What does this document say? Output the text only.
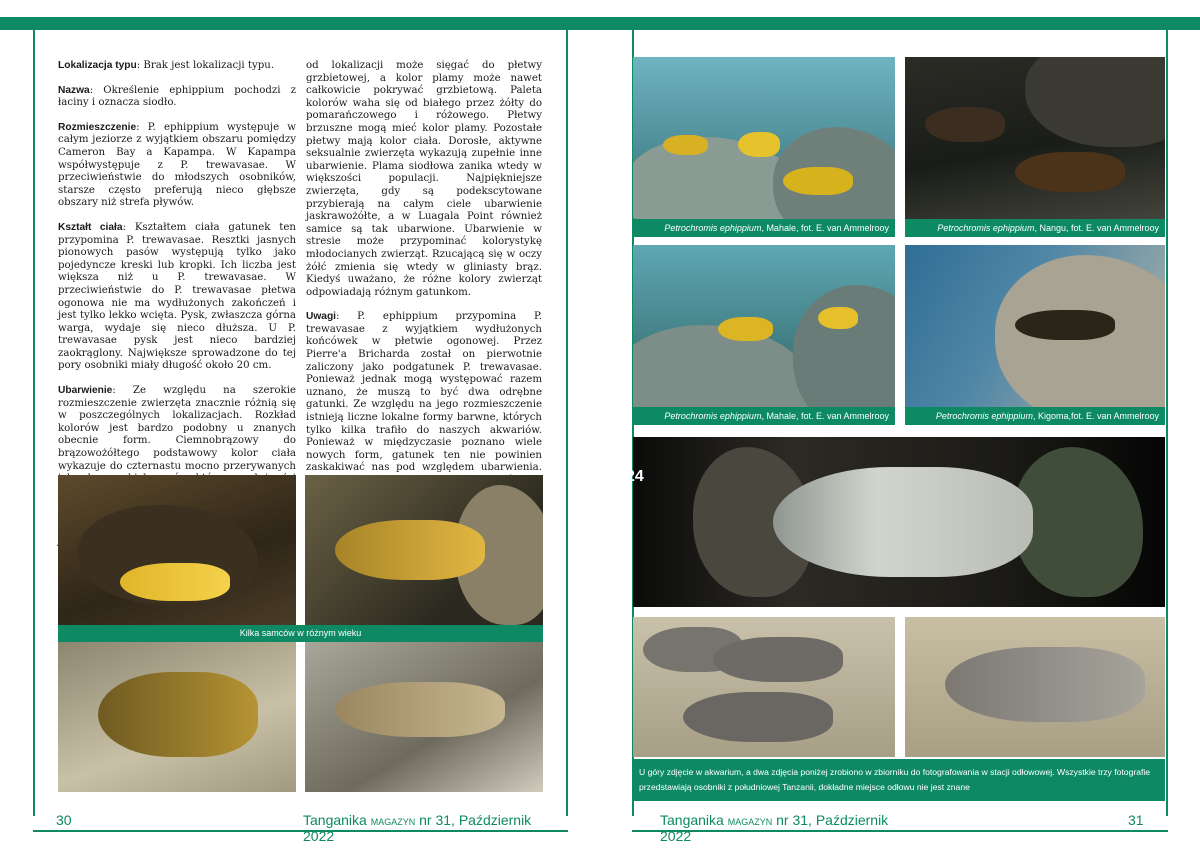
Lokalizacja typu: Brak jest lokalizacji typu.

Nazwa: Określenie ephippium pochodzi z łaciny i oznacza siodło.

Rozmieszczenie: P. ephippium występuje w całym jeziorze z wyjątkiem obszaru pomiędzy Cameron Bay a Kapampa. W Kapampa współwystępuje z P. trewavasae. W przeciwieństwie do młodszych osobników, starsze często preferują nieco głębsze obszary niż strefa pływów.

Kształt ciała: Kształtem ciała gatunek ten przypomina P. trewavasae. Resztki jasnych pionowych pasów występują tylko jako pojedyncze kreski lub kropki. Ich liczba jest większa niż u P. trewavasae. W przeciwieństwie do P. trewavasae płetwa ogonowa nie ma wydłużonych zakończeń i jest tylko lekko wcięta. Pysk, zwłaszcza górna warga, wydaje się nieco dłuższa. U P. trewavasae pysk jest nieco bardziej zaokrąglony. Największe sprowadzone do tej pory osobniki miały długość około 20 cm.

Ubarwienie: Ze względu na szerokie rozmieszczenie zwierzęta znacznie różnią się w poszczególnych lokalizacjach. Rozkład kolorów jest bardzo podobny u znanych obecnie form. Ciemnobrązowy do brązowożółtego podstawowy kolor ciała wykazuje do czternastu mocno przerywanych

od lokalizacji może sięgać do płetwy grzbietowej, a kolor plamy może nawet całkowicie pokrywać grzbietową. Paleta kolorów waha się od białego przez żółty do pomarańczowego i różowego. Płetwy brzuszne mogą mieć kolor plamy. Pozostałe płetwy mają kolor ciała. Dorosłe, aktywne seksualnie zwierzęta wykazują zupełnie inne ubarwienie. Plama siodłowa zanika wtedy w większości populacji. Najpiękniejsze zwierzęta, gdy są podekscytowane przybierają na całym ciele ubarwienie jaskrawożółte, a w Luagala Point również samice są tak ubarwione. Ubarwienie w stresie może przypominać kolorystykę młodocianych zwierząt. Rzucającą się w oczy żółć zmienia się wtedy w gliniasty brąz. Kiedyś uważano, że różne kolory zwierząt odpowiadają różnym gatunkom.

Uwagi: P. ephippium przypomina P. trewavasae z wyjątkiem wydłużonych końcówek w płetwie ogonowej. Przez Pierre'a Bricharda został on pierwotnie zaliczony jako podgatunek P. trewavasae. Ponieważ jednak mogą występować razem uznano, że muszą to być dwa odrębne gatunki. Ze względu na jego rozmieszczenie istnieją liczne lokalne formy barwne, których tylko kilka trafiło do naszych akwariów. Ponieważ w międzyczasie poznano wiele nowych form, gatunek ten nie powinien zaskakiwać nas pod względem ubarwienia.

Kilka samców w różnym wieku
Petrochromis ephippium, Mahale, fot. E. van Ammelrooy	Petrochromis ephippium, Nangu, fot. E. van Ammelrooy
Petrochromis ephippium, Mahale, fot. E. van Ammelrooy	Petrochromis ephippium, Kigoma,fot. E. van Ammelrooy
U góry zdjęcie w akwarium, a dwa zdjęcia poniżej zrobiono w zbiorniku do fotografowania w stacji odłowowej. Wszystkie trzy fotografie przedstawiają osobniki z południowej Tanzanii, dokładne miejsce odłowu nie jest znane
24
30	Tanganika MAGAZYN nr 31, Październik 2022
Tanganika MAGAZYN nr 31, Październik 2022
31
